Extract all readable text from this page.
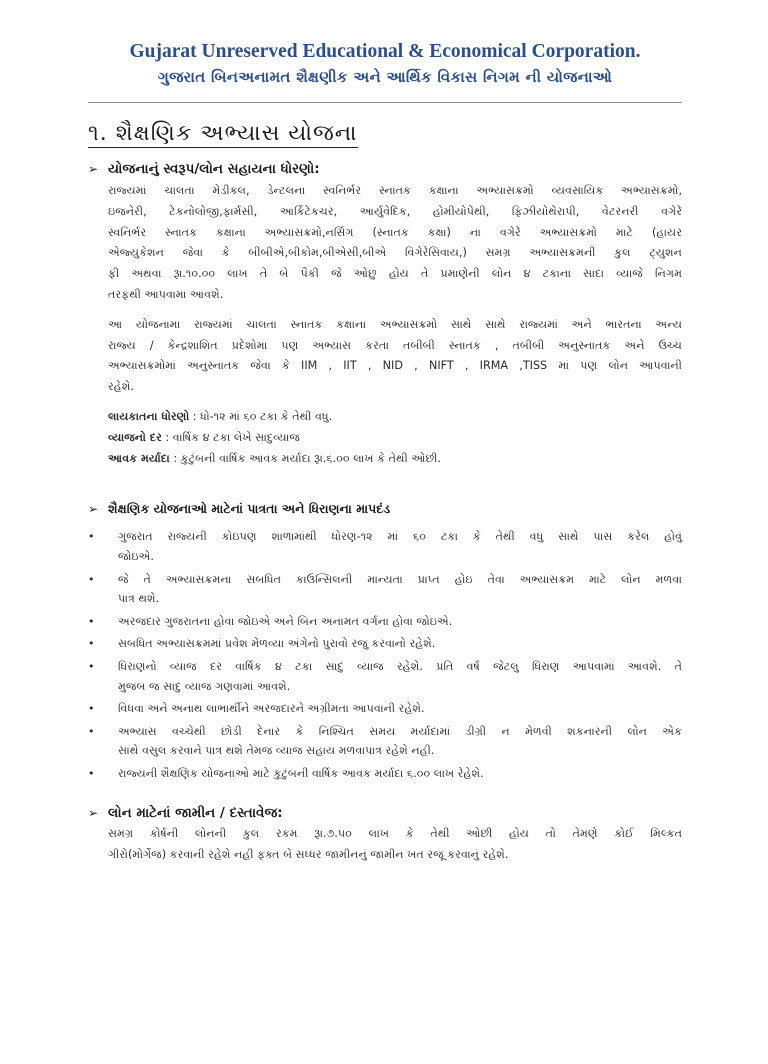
Gujarat Unreserved Educational & Economical Corporation.
ગુજરાત બિનઅનામત શૈક્ષણીક અને આર્થિક વિકાસ નિગમ ની યોજનાઓ
૧. શૈક્ષણિક અભ્યાસ યોજના
➢ યોજનાનું સ્વરૂપ/લોન સહાયના ધોરણો:
રાજ્યમાં ચાલતા મેડીકલ, ડેન્ટલના સ્વનિર્ભર સ્નાતક કક્ષાના અભ્યાસક્રમો વ્યવસાયિક અભ્યાસક્રમો,
ઇજનેરી, ટેકનોલોજી,ફાર્મસી, આર્કિટેકચર, આર્યુવેદિક, હોમીયોપેથી, ફિઝીયોથેરાપી, વેટરનરી વગેરે
સ્વનિર્ભર સ્નાતક કક્ષાના અભ્યાસક્રમો,નર્સિંગ (સ્નાતક કક્ષા) ના વગેરે અભ્યાસક્રમો માટે (હાયર
એજ્યુકેશન જેવા કે બીબીએ,બીકોમ,બીએસી,બીએ વિગેરેસિવાય,) સમગ્ર અભ્યાસક્રમની કુલ ટ્યુશન
ફી અથવા રૂા.૧૦.૦૦ લાખ તે બે પૈકી જે ઓછુ હોય તે પ્રમાણેની લોન ૪ ટકાના સાદા વ્યાજે નિગમ
તરફથી આપવામા આવશે.
આ યોજનામા રાજ્યમાં ચાલતા સ્નાતક કક્ષાના અભ્યાસક્રમો સાથે સાથે રાજ્યમાં અને ભારતના અન્ય
રાજ્ય / કેન્દ્રશાશિત પ્રદેશોમા પણ અભ્યાસ કરતા તબીબી સ્નાતક , તબીબી અનુસ્નાતક અને ઉચ્ચ
અભ્યાસક્રમોમાં અનુસ્નાતક જેવા કે IIM , IIT , NID , NIFT , IRMA ,TISS માં પણ લોન આપવાની
રહેશે.
લાયકાતના ધોરણો : ધો-૧૨ માં ૬૦ ટકા કે તેથી વધુ.
વ્યાજનો દર : વાર્ષિક ૪ ટકા લેખે સાદુવ્યાજ
આવક મર્યાદા : કુટુંબની વાર્ષિક આવક મર્યાદા રૂા.૬.૦૦ લાખ કે તેથી ઓછી.
➢ શૈક્ષણિક યોજનાઓ માટેનાં પાત્રતા અને ધિરાણના માપદંડ
• ગુજરાત રાજ્યની કોઇપણ શાળામાંથી ધોરણ-૧૨ માં ૬૦ ટકા કે તેથી વધુ સાથે પાસ કરેલ હોવું
જોઇએ.
• જે તે અભ્યાસક્રમના સબધિત કાઉન્સિલની માન્યતા પ્રાપ્ત હોઇ તેવા અભ્યાસક્રમ માટે લોન મળવા
પાત્ર થશે.
• અરજદાર ગુજરાતના હોવા જોઇએ અને બિન અનામત વર્ગના હોવા જોઇએ.
• સબધિત અભ્યાસક્રમમાં પ્રવેશ મેળવ્યા અંગેનો પુરાવો રજુ કરવાનો રહેશે.
• ધિરાણનો વ્યાજ દર વાર્ષિક ૪ ટકા સાદું વ્યાજ રહેશે. પ્રતિ વર્ષ જેટલુ ધિરાણ આપવામાં આવશે. તે
મુજબ જ સાદુ વ્યાજ ગણવામાં આવશે.
• વિધવા અને અનાથ લાભાર્થીને અરજદારને અગ્રીમતા આપવાની રહેશે.
• અભ્યાસ વચ્ચેથી છોડી દેનાર કે નિશ્ચિત સમય મર્યાદામાં ડીગ્રી ન મેળવી શકનારની લોન એક
સાથે વસુલ કરવાને પાત્ર થશે તેમજ વ્યાજ સહાય મળવાપાત્ર રહેશે નહી.
• રાજ્યની શૈક્ષણિક યોજનાઓ માટે કુટુંબની વાર્ષિક આવક મર્યાદા ૬.૦૦ લાખ રેહેશે.
➢ લોન માટેનાં જામીન / દસ્તાવેજ:
સમગ્ર કોર્ષની લોનની કુલ રકમ રૂા.૭.૫૦ લાખ કે તેથી ઓછી હોય તો તેમણે કોઈ મિલ્કત
ગીરો(મોર્ગેજ) કરવાની રહેશે નહી ફક્ત બે સધ્ધર જામીનનું જામીન ખત રજૂ કરવાનું રહેશે.
